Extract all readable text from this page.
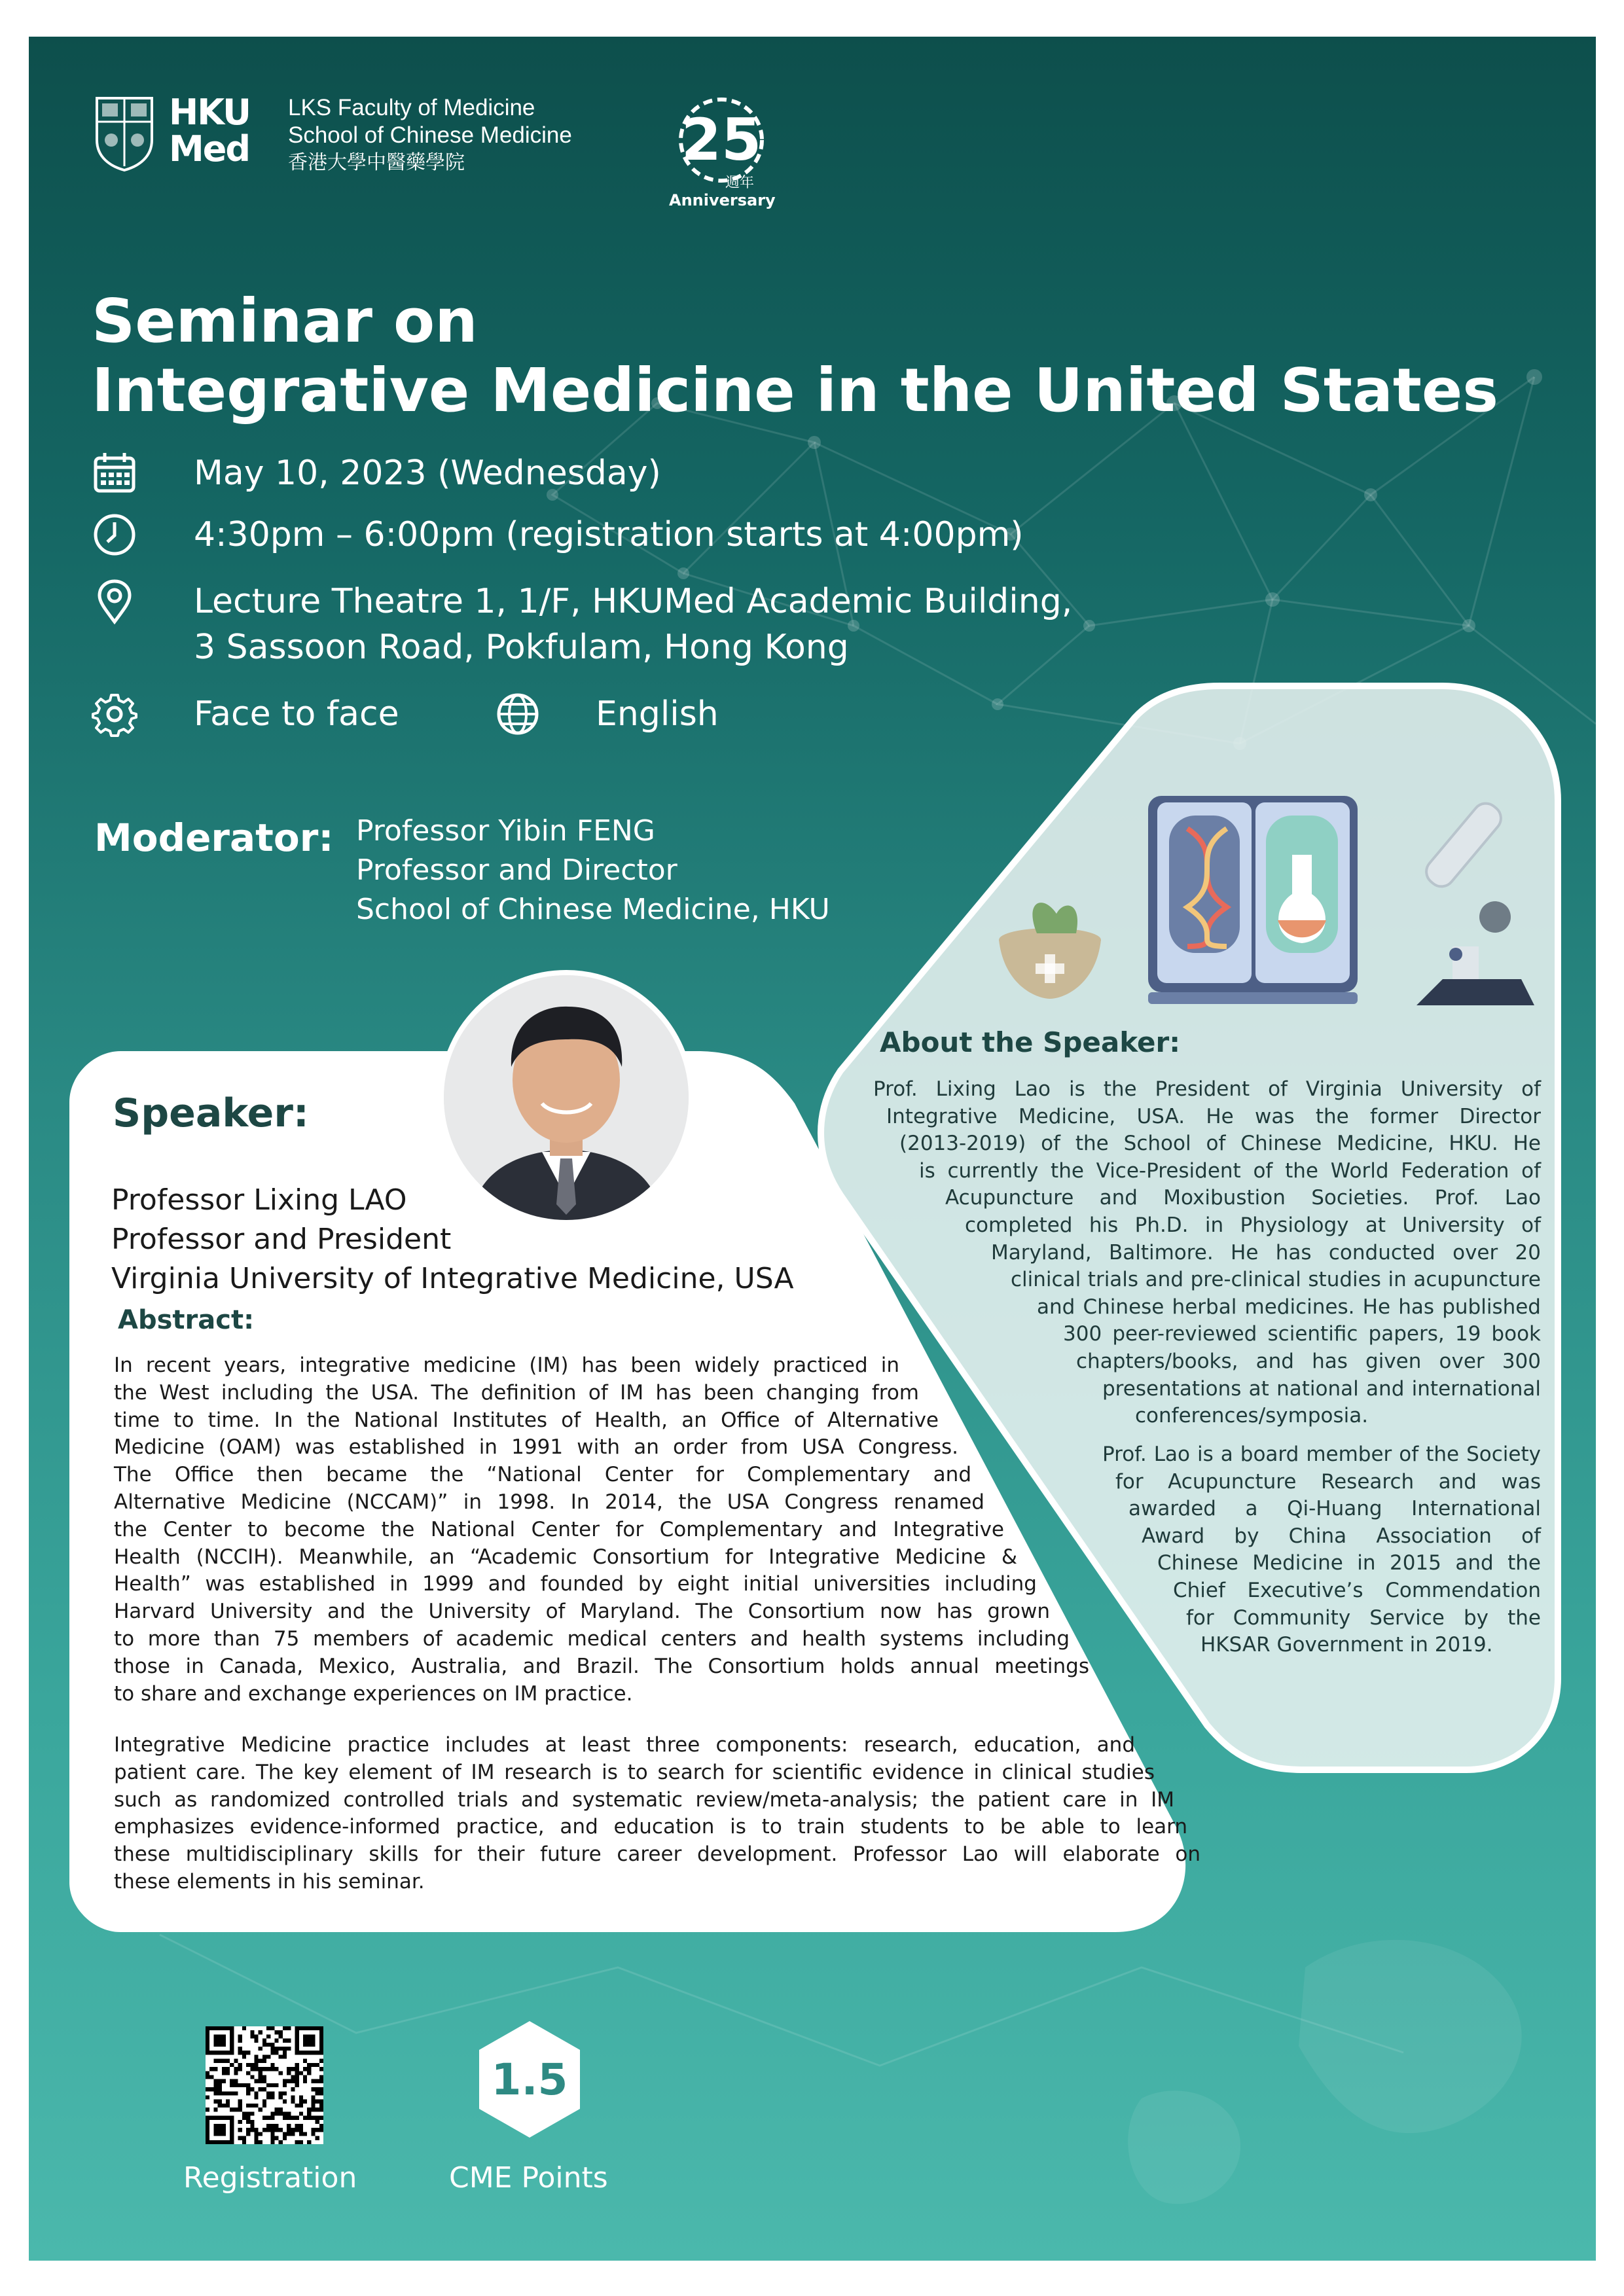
HKU
Med
LKS Faculty of Medicine
School of Chinese Medicine
香港大學中醫藥學院	25
週年
Anniversary
Seminar on
Integrative Medicine in the United States
May 10, 2023 (Wednesday)
4:30pm – 6:00pm (registration starts at 4:00pm)
Lecture Theatre 1, 1/F, HKUMed Academic Building,
3 Sassoon Road, Pokfulam, Hong Kong
Face to face	English
Moderator: Professor Yibin FENG
Professor and Director
School of Chinese Medicine, HKU
About the Speaker:
Prof. Lixing Lao is the President of Virginia University of
Integrative Medicine, USA. He was the former Director
(2013-2019) of the School of Chinese Medicine, HKU. He
is currently the Vice-President of the World Federation of
Acupuncture and Moxibustion Societies. Prof. Lao
completed his Ph.D. in Physiology at University of
Maryland, Baltimore. He has conducted over 20
clinical trials and pre-clinical studies in acupuncture
and Chinese herbal medicines. He has published
300 peer-reviewed scientific papers, 19 book
chapters/books, and has given over 300
presentations at national and international
conferences/symposia.
Prof. Lao is a board member of the Society
for Acupuncture Research and was
awarded a Qi-Huang International
Award by China Association of
Chinese Medicine in 2015 and the
Chief Executive’s Commendation
for Community Service by the
HKSAR Government in 2019.
Speaker:
Professor Lixing LAO
Professor and President
Virginia University of Integrative Medicine, USA
Abstract:
In recent years, integrative medicine (IM) has been widely practiced in
the West including the USA. The definition of IM has been changing from
time to time. In the National Institutes of Health, an Office of Alternative
Medicine (OAM) was established in 1991 with an order from USA Congress.
The Office then became the “National Center for Complementary and
Alternative Medicine (NCCAM)” in 1998. In 2014, the USA Congress renamed
the Center to become the National Center for Complementary and Integrative
Health (NCCIH). Meanwhile, an “Academic Consortium for Integrative Medicine &
Health” was established in 1999 and founded by eight initial universities including
Harvard University and the University of Maryland. The Consortium now has grown
to more than 75 members of academic medical centers and health systems including
those in Canada, Mexico, Australia, and Brazil. The Consortium holds annual meetings
to share and exchange experiences on IM practice.
Integrative Medicine practice includes at least three components: research, education, and
patient care. The key element of IM research is to search for scientific evidence in clinical studies
such as randomized controlled trials and systematic review/meta-analysis; the patient care in IM
emphasizes evidence-informed practice, and education is to train students to be able to learn
these multidisciplinary skills for their future career development. Professor Lao will elaborate on
these elements in his seminar.
Registration
1.5
CME Points
